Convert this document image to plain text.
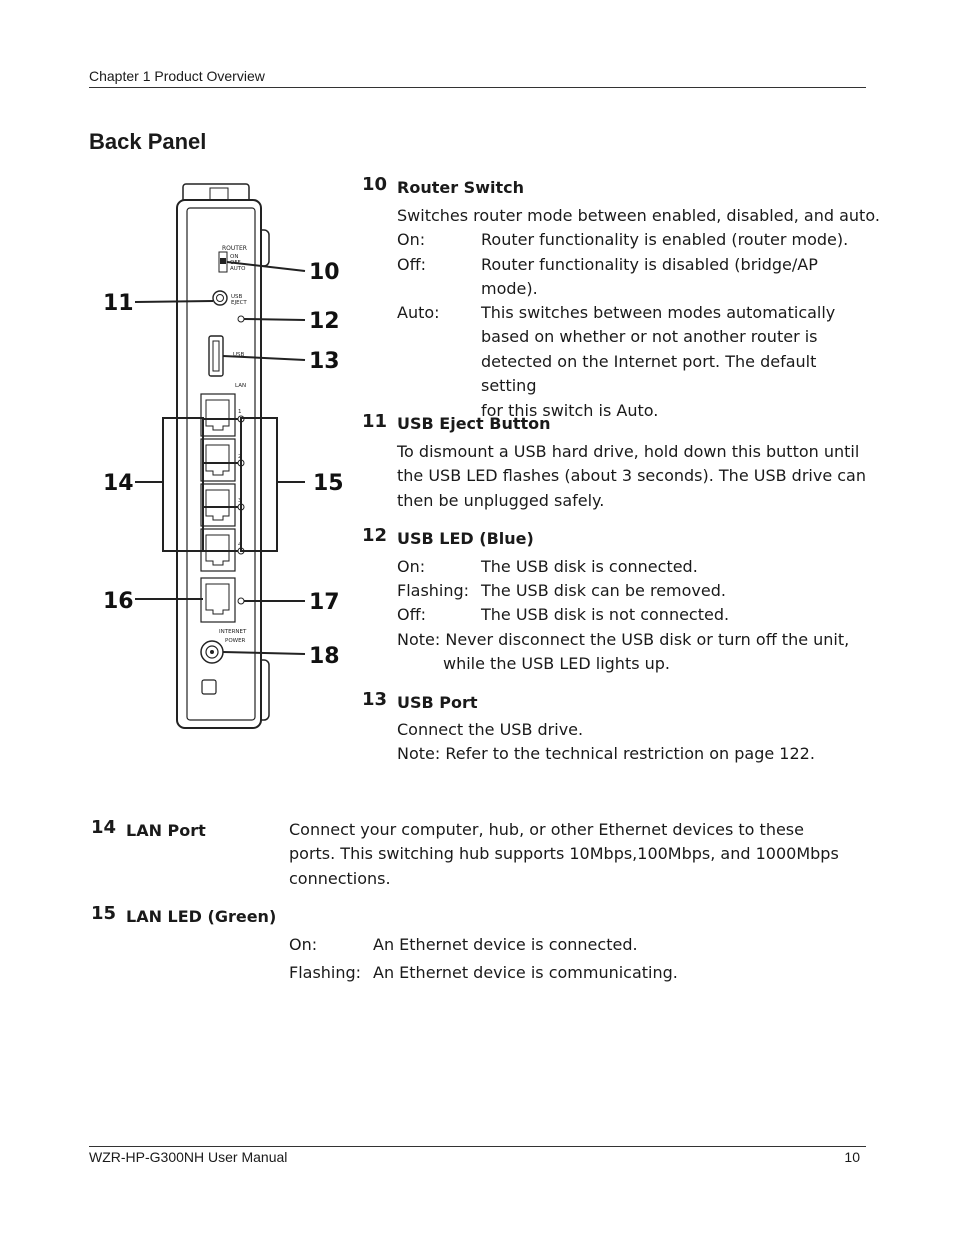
Chapter 1 Product Overview
Back Panel
ROUTER
ON
OFF
AUTO
USB
EJECT
USB
LAN
1
2
3
4
INTERNET
POWER
10
11
12
13
14	15
16	17
18
10 Router Switch
Switches router mode between enabled, disabled, and auto.
On:	Router functionality is enabled (router mode).
Off:	Router functionality is disabled (bridge/AP
mode).
Auto:	This switches between modes automatically
based on whether or not another router is
detected on the Internet port. The default setting
for this switch is Auto.
11 USB Eject Button
To dismount a USB hard drive, hold down this button until
the USB LED flashes (about 3 seconds). The USB drive can
then be unplugged safely.
12 USB LED (Blue)
On:	The USB disk is connected.
Flashing: The USB disk can be removed.
Off:	The USB disk is not connected.
Note: Never disconnect the USB disk or turn off the unit,
while the USB LED lights up.
13 USB Port
Connect the USB drive.
Note: Refer to the technical restriction on page 122.
14 LAN Port	Connect your computer, hub, or other Ethernet devices to these
ports. This switching hub supports 10Mbps,100Mbps, and 1000Mbps
connections.
15 LAN LED (Green)
On:	An Ethernet device is connected.
Flashing: An Ethernet device is communicating.
WZR-HP-G300NH User Manual	10
